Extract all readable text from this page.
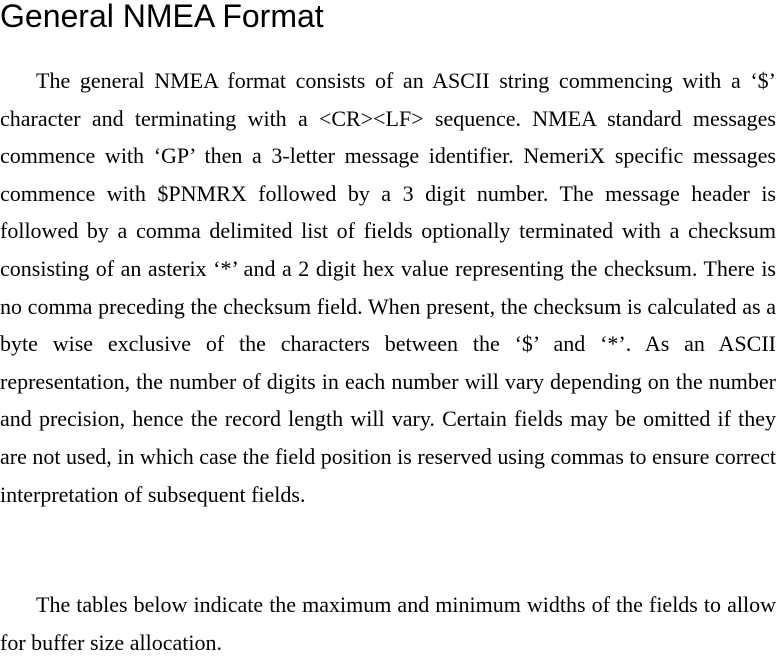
General NMEA Format

The general NMEA format consists of an ASCII string commencing with a ‘$’ character and terminating with a <CR><LF> sequence. NMEA standard messages commence with ‘GP’ then a 3-letter message identifier. NemeriX specific messages commence with $PNMRX followed by a 3 digit number. The message header is followed by a comma delimited list of fields optionally terminated with a checksum consisting of an asterix ‘*’ and a 2 digit hex value representing the checksum. There is no comma preceding the checksum field. When present, the checksum is calculated as a byte wise exclusive of the characters between the ‘$’ and ‘*’. As an ASCII representation, the number of digits in each number will vary depending on the number and precision, hence the record length will vary. Certain fields may be omitted if they are not used, in which case the field position is reserved using commas to ensure correct interpretation of subsequent fields.

The tables below indicate the maximum and minimum widths of the fields to allow for buffer size allocation.
